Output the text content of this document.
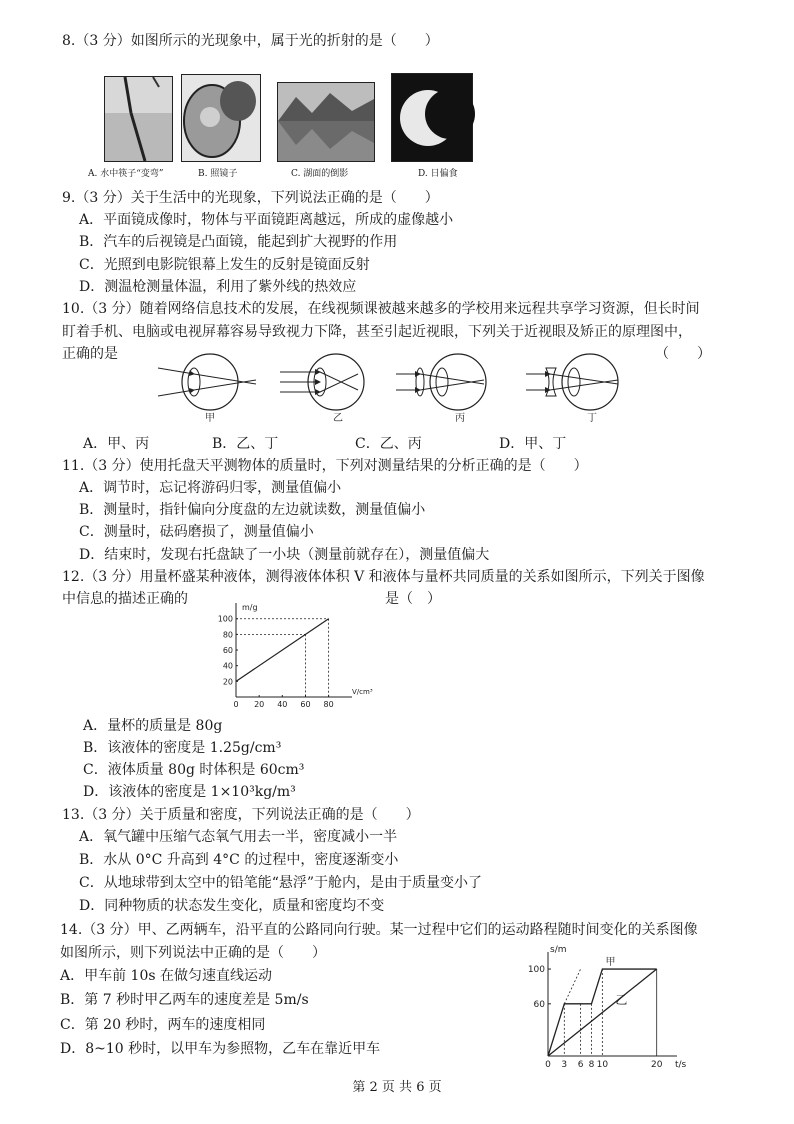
8.（3 分）如图所示的光现象中，属于光的折射的是（　　）
A. 水中筷子“变弯”	B. 照镜子	C. 湖面的倒影	D. 日偏食
9.（3 分）关于生活中的光现象，下列说法正确的是（　　）
A．平面镜成像时，物体与平面镜距离越远，所成的虚像越小
B．汽车的后视镜是凸面镜，能起到扩大视野的作用
C．光照到电影院银幕上发生的反射是镜面反射
D．测温枪测量体温，利用了紫外线的热效应
10.（3 分）随着网络信息技术的发展，在线视频课被越来越多的学校用来远程共享学习资源，但长时间
盯着手机、电脑或电视屏幕容易导致视力下降，甚至引起近视眼，下列关于近视眼及矫正的原理图中，
正确的是	（　　）
甲	乙	丙	丁
A．甲、丙	B．乙、丁	C．乙、丙	D．甲、丁
11.（3 分）使用托盘天平测物体的质量时，下列对测量结果的分析正确的是（　　）
A．调节时，忘记将游码归零，测量值偏小
B．测量时，指针偏向分度盘的左边就读数，测量值偏小
C．测量时，砝码磨损了，测量值偏小
D．结束时，发现右托盘缺了一小块（测量前就存在），测量值偏大
12.（3 分）用量杯盛某种液体，测得液体体积 V 和液体与量杯共同质量的关系如图所示，下列关于图像
中信息的描述正确的	是（　）
m/g
V/cm³
0 20 40 60 80
20
40
60
80
100
A．量杯的质量是 80g
B．该液体的密度是 1.25g/cm³
C．液体质量 80g 时体积是 60cm³
D．该液体的密度是 1×10³kg/m³
13.（3 分）关于质量和密度，下列说法正确的是（　　）
A．氧气罐中压缩气态氧气用去一半，密度减小一半
B．水从 0°C 升高到 4°C 的过程中，密度逐渐变小
C．从地球带到太空中的铅笔能“悬浮”于舱内，是由于质量变小了
D．同种物质的状态发生变化，质量和密度均不变
14.（3 分）甲、乙两辆车，沿平直的公路同向行驶。某一过程中它们的运动路程随时间变化的关系图像
如图所示，则下列说法中正确的是（　　）
A．甲车前 10s 在做匀速直线运动
B．第 7 秒时甲乙两车的速度差是 5m/s
C．第 20 秒时，两车的速度相同
D．8~10 秒时，以甲车为参照物，乙车在靠近甲车
s/m
t/s
0 3 6 8 10	20
60
100
甲
乙
第 2 页 共 6 页
